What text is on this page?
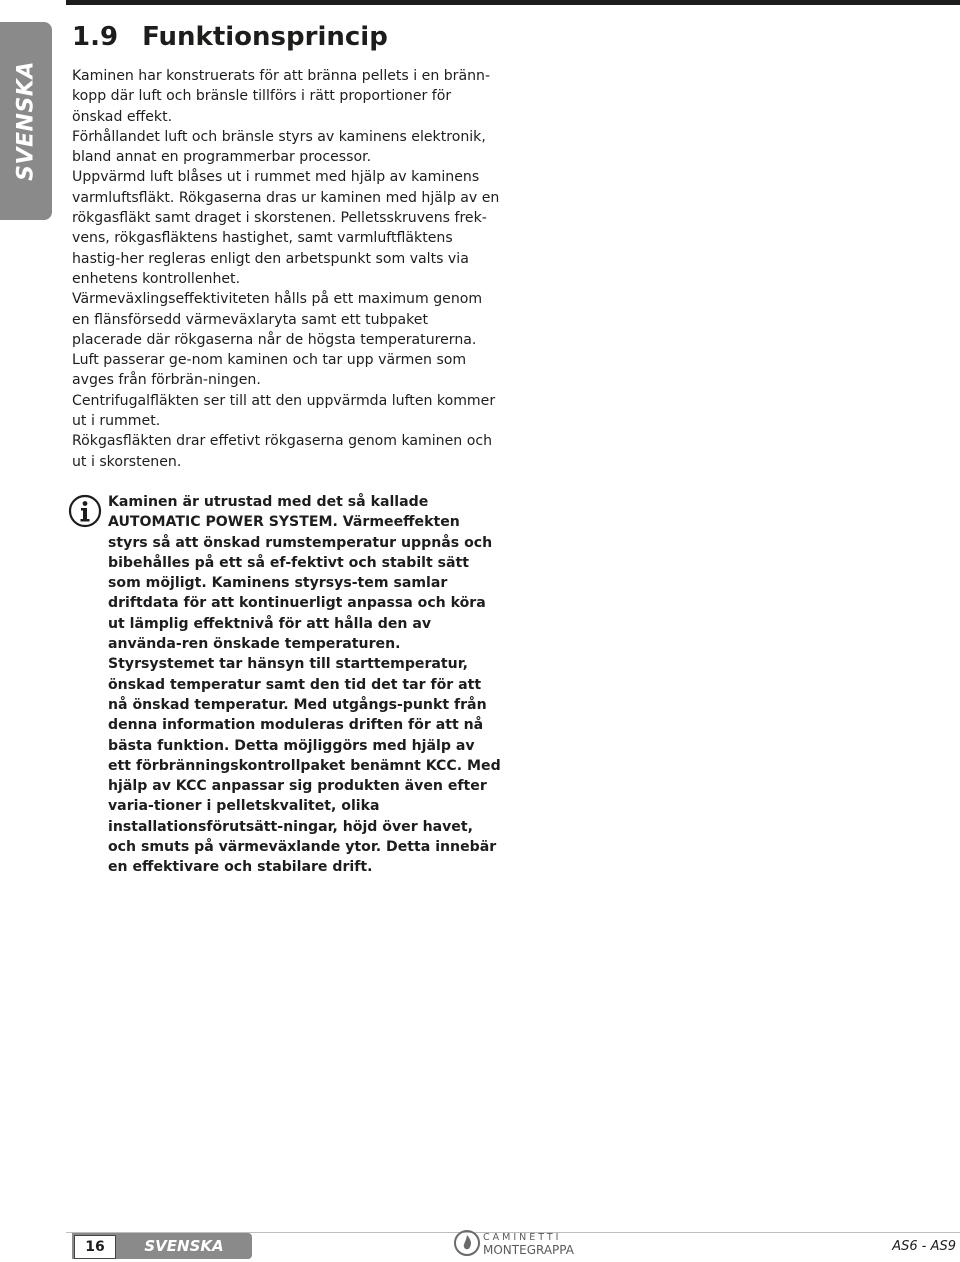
SVENSKA
1.9 Funktionsprincip

Kaminen har konstruerats för att bränna pellets i en bränn-kopp där luft och bränsle tillförs i rätt proportioner för önskad effekt.

Förhållandet luft och bränsle styrs av kaminens elektronik, bland annat en programmerbar processor.

Uppvärmd luft blåses ut i rummet med hjälp av kaminens varmluftsfläkt. Rökgaserna dras ur kaminen med hjälp av en rökgasfläkt samt draget i skorstenen. Pelletsskruvens frek-vens, rökgasfläktens hastighet, samt varmluftfläktens hastig-her regleras enligt den arbetspunkt som valts via enhetens kontrollenhet.

Värmeväxlingseffektiviteten hålls på ett maximum genom en flänsförsedd värmeväxlaryta samt ett tubpaket placerade där rökgaserna når de högsta temperaturerna. Luft passerar ge-nom kaminen och tar upp värmen som avges från förbrän-ningen.

Centrifugalfläkten ser till att den uppvärmda luften kommer ut i rummet.

Rökgasfläkten drar effetivt rökgaserna genom kaminen och ut i skorstenen.

Kaminen är utrustad med det så kallade AUTOMATIC POWER SYSTEM. Värmeeffekten styrs så att önskad rumstemperatur uppnås och bibehålles på ett så ef-fektivt och stabilt sätt som möjligt. Kaminens styrsys-tem samlar driftdata för att kontinuerligt anpassa och köra ut lämplig effektnivå för att hålla den av använda-ren önskade temperaturen. Styrsystemet tar hänsyn till starttemperatur, önskad temperatur samt den tid det tar för att nå önskad temperatur. Med utgångs-punkt från denna information moduleras driften för att nå bästa funktion. Detta möjliggörs med hjälp av ett förbränningskontrollpaket benämnt KCC. Med hjälp av KCC anpassar sig produkten även efter varia-tioner i pelletskvalitet, olika installationsförutsätt-ningar, höjd över havet, och smuts på värmeväxlande ytor. Detta innebär en effektivare och stabilare drift.
16	SVENSKA	CAMINETTI
MONTEGRAPPA	AS6 - AS9
